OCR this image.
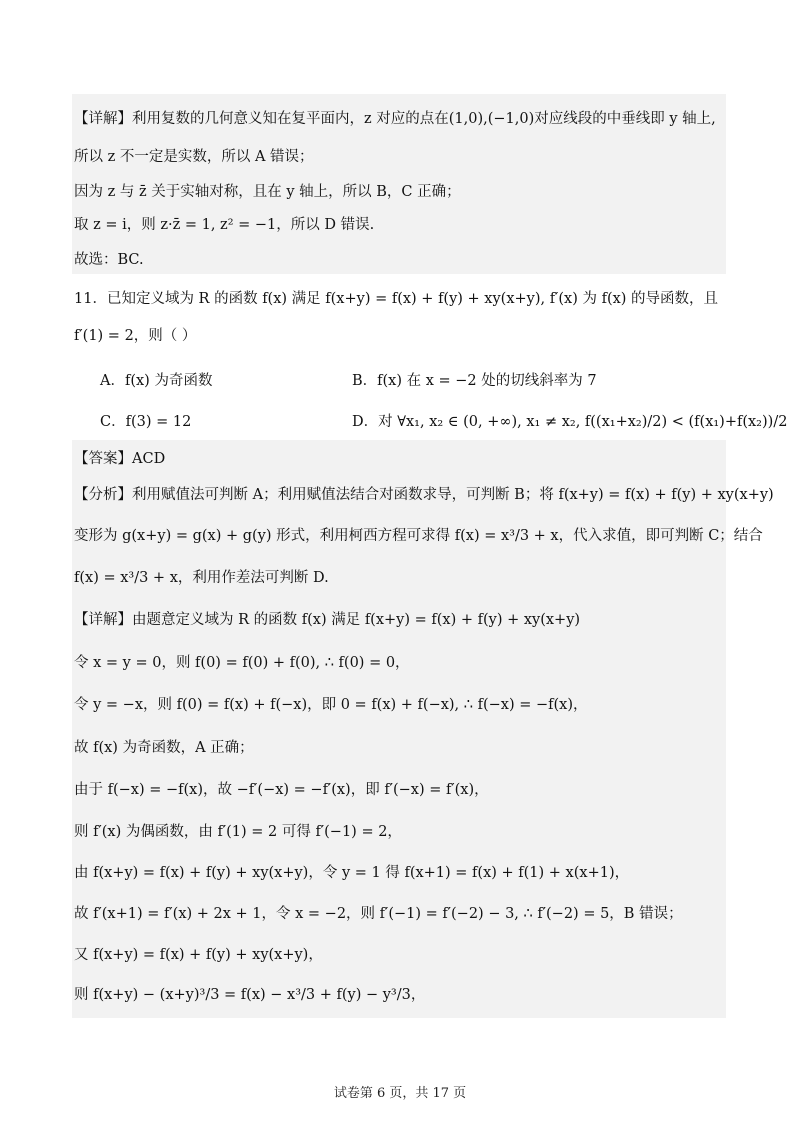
【详解】利用复数的几何意义知在复平面内，z 对应的点在(1,0),(−1,0)对应线段的中垂线即 y 轴上,
所以 z 不一定是实数，所以 A 错误；
因为 z 与 z̄ 关于实轴对称，且在 y 轴上，所以 B，C 正确；
取 z = i，则 z·z̄ = 1, z² = −1，所以 D 错误.
故选：BC.
11．已知定义域为 R 的函数 f(x) 满足 f(x+y) = f(x) + f(y) + xy(x+y), f′(x) 为 f(x) 的导函数，且
f′(1) = 2，则（ ）
A．f(x) 为奇函数	B．f(x) 在 x = −2 处的切线斜率为 7
C．f(3) = 12	D．对 ∀x₁, x₂ ∈ (0, +∞), x₁ ≠ x₂, f((x₁+x₂)/2) < (f(x₁)+f(x₂))/2
【答案】ACD
【分析】利用赋值法可判断 A；利用赋值法结合对函数求导，可判断 B；将 f(x+y) = f(x) + f(y) + xy(x+y)
变形为 g(x+y) = g(x) + g(y) 形式，利用柯西方程可求得 f(x) = x³/3 + x，代入求值，即可判断 C；结合
f(x) = x³/3 + x，利用作差法可判断 D.
【详解】由题意定义域为 R 的函数 f(x) 满足 f(x+y) = f(x) + f(y) + xy(x+y)
令 x = y = 0，则 f(0) = f(0) + f(0), ∴ f(0) = 0，
令 y = −x，则 f(0) = f(x) + f(−x)，即 0 = f(x) + f(−x), ∴ f(−x) = −f(x)，
故 f(x) 为奇函数，A 正确；
由于 f(−x) = −f(x)，故 −f′(−x) = −f′(x)，即 f′(−x) = f′(x)，
则 f′(x) 为偶函数，由 f′(1) = 2 可得 f′(−1) = 2，
由 f(x+y) = f(x) + f(y) + xy(x+y)，令 y = 1 得 f(x+1) = f(x) + f(1) + x(x+1)，
故 f′(x+1) = f′(x) + 2x + 1，令 x = −2，则 f′(−1) = f′(−2) − 3, ∴ f′(−2) = 5，B 错误；
又 f(x+y) = f(x) + f(y) + xy(x+y)，
则 f(x+y) − (x+y)³/3 = f(x) − x³/3 + f(y) − y³/3，
试卷第 6 页，共 17 页
